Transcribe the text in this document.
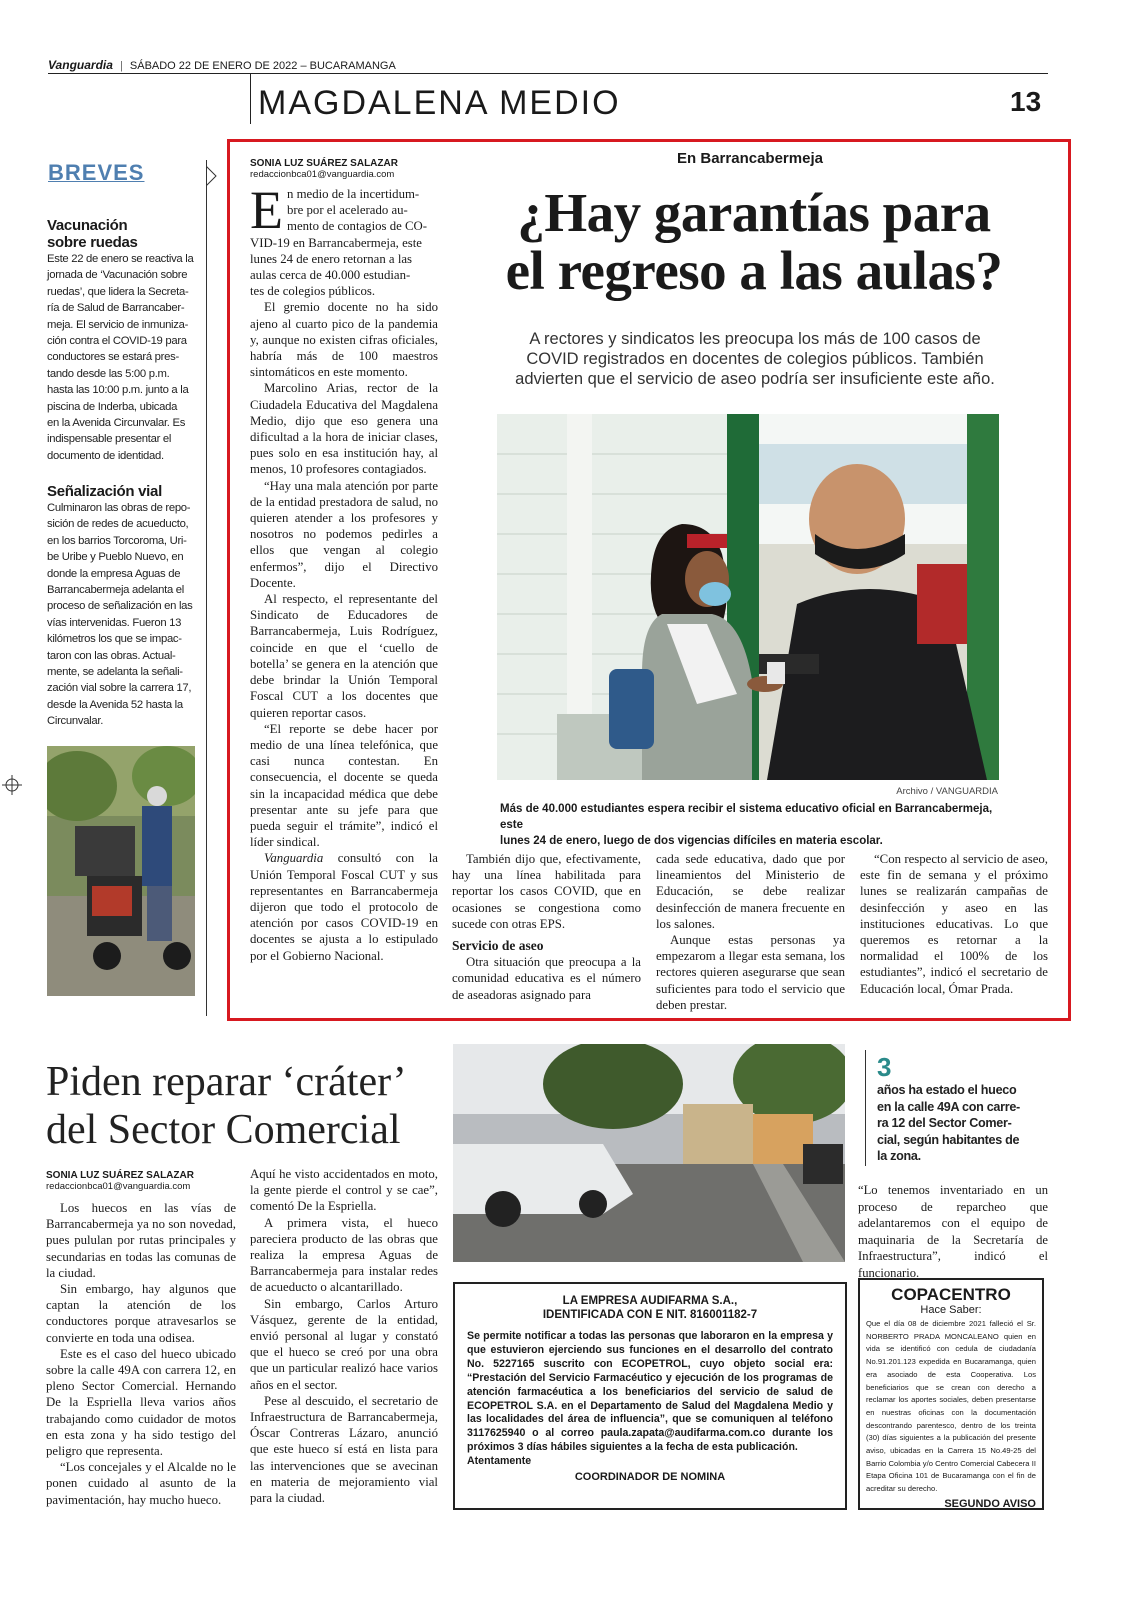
Vanguardia | SÁBADO 22 DE ENERO DE 2022 – BUCARAMANGA
MAGDALENA MEDIO	13
BREVES
Vacunación
sobre ruedas
Este 22 de enero se reactiva la
jornada de ‘Vacunación sobre
ruedas’, que lidera la Secreta-
ría de Salud de Barrancaber-
meja. El servicio de inmuniza-
ción contra el COVID-19 para
conductores se estará pres-
tando desde las 5:00 p.m.
hasta las 10:00 p.m. junto a la
piscina de Inderba, ubicada
en la Avenida Circunvalar. Es
indispensable presentar el
documento de identidad.
Señalización vial
Culminaron las obras de repo-
sición de redes de acueducto,
en los barrios Torcoroma, Uri-
be Uribe y Pueblo Nuevo, en
donde la empresa Aguas de
Barrancabermeja adelanta el
proceso de señalización en las
vías intervenidas. Fueron 13
kilómetros los que se impac-
taron con las obras. Actual-
mente, se adelanta la señali-
zación vial sobre la carrera 17,
desde la Avenida 52 hasta la
Circunvalar.
SONIA LUZ SUÁREZ SALAZAR
redaccionbca01@vanguardia.com
En Barrancabermeja
¿Hay garantías para
el regreso a las aulas?
A rectores y sindicatos les preocupa los más de 100 casos de
COVID registrados en docentes de colegios públicos. También
advierten que el servicio de aseo podría ser insuficiente este año.
Archivo / VANGUARDIA
Más de 40.000 estudiantes espera recibir el sistema educativo oficial en Barrancabermeja, este
lunes 24 de enero, luego de dos vigencias difíciles en materia escolar.
E n medio de la incertidum-
bre por el acelerado au-
mento de contagios de CO-
VID-19 en Barrancabermeja, este
lunes 24 de enero retornan a las
aulas cerca de 40.000 estudian-
tes de colegios públicos.

El gremio docente no ha sido ajeno al cuarto pico de la pandemia y, aunque no existen cifras oficiales, habría más de 100 maestros sintomáticos en este momento.

Marcolino Arias, rector de la Ciudadela Educativa del Magdalena Medio, dijo que eso genera una dificultad a la hora de iniciar clases, pues solo en esa institución hay, al menos, 10 profesores contagiados.

“Hay una mala atención por parte de la entidad prestadora de salud, no quieren atender a los profesores y nosotros no podemos pedirles a ellos que vengan al colegio enfermos”, dijo el Directivo Docente.

Al respecto, el representante del Sindicato de Educadores de Barrancabermeja, Luis Rodríguez, coincide en que el ‘cuello de botella’ se genera en la atención que debe brindar la Unión Temporal Foscal CUT a los docentes que quieren reportar casos.

“El reporte se debe hacer por medio de una línea telefónica, que casi nunca contestan. En consecuencia, el docente se queda sin la incapacidad médica que debe presentar ante su jefe para que pueda seguir el trámite”, indicó el líder sindical.

Vanguardia consultó con la Unión Temporal Foscal CUT y sus representantes en Barrancabermeja dijeron que todo el protocolo de atención por casos COVID-19 en docentes se ajusta a lo estipulado por el Gobierno Nacional.

También dijo que, efectivamente, hay una línea habilitada para reportar los casos COVID, que en ocasiones se congestiona como sucede con otras EPS.

Servicio de aseo

Otra situación que preocupa a la comunidad educativa es el número de aseadoras asignado para

cada sede educativa, dado que por lineamientos del Ministerio de Educación, se debe realizar desinfección de manera frecuente en los salones.

Aunque estas personas ya empezarom a llegar esta semana, los rectores quieren asegurarse que sean suficientes para todo el servicio que deben prestar.

“Con respecto al servicio de aseo, este fin de semana y el próximo lunes se realizarán campañas de desinfección y aseo en las instituciones educativas. Lo que queremos es retornar a la normalidad el 100% de los estudiantes”, indicó el secretario de Educación local, Ómar Prada.

Piden reparar ‘cráter’
del Sector Comercial
SONIA LUZ SUÁREZ SALAZAR
redaccionbca01@vanguardia.com

Los huecos en las vías de Barrancabermeja ya no son novedad, pues pululan por rutas principales y secundarias en todas las comunas de la ciudad.

Sin embargo, hay algunos que captan la atención de los conductores porque atravesarlos se convierte en toda una odisea.

Este es el caso del hueco ubicado sobre la calle 49A con carrera 12, en pleno Sector Comercial. Hernando De la Espriella lleva varios años trabajando como cuidador de motos en esta zona y ha sido testigo del peligro que representa.

“Los concejales y el Alcalde no le ponen cuidado al asunto de la pavimentación, hay mucho hueco.

Aquí he visto accidentados en moto, la gente pierde el control y se cae”, comentó De la Espriella.

A primera vista, el hueco pareciera producto de las obras que realiza la empresa Aguas de Barrancabermeja para instalar redes de acueducto o alcantarillado.

Sin embargo, Carlos Arturo Vásquez, gerente de la entidad, envió personal al lugar y constató que el hueco se creó por una obra que un particular realizó hace varios años en el sector.

Pese al descuido, el secretario de Infraestructura de Barrancabermeja, Óscar Contreras Lázaro, anunció que este hueco sí está en lista para las intervenciones que se avecinan en materia de mejoramiento vial para la ciudad.

3
años ha estado el hueco
en la calle 49A con carre-
ra 12 del Sector Comer-
cial, según habitantes de
la zona.
“Lo tenemos inventariado en un proceso de reparcheo que adelantaremos con el equipo de maquinaria de la Secretaría de Infraestructura”, indicó el funcionario.
LA EMPRESA AUDIFARMA S.A.,
IDENTIFICADA CON E NIT. 816001182-7
Se permite notificar a todas las personas que laboraron en la empresa y que estuvieron ejerciendo sus funciones en el desarrollo del contrato No. 5227165 suscrito con ECOPETROL, cuyo objeto social era: “Prestación del Servicio Farmacéutico y ejecución de los programas de atención farmacéutica a los beneficiarios del servicio de salud de ECOPETROL S.A. en el Departamento de Salud del Magdalena Medio y las localidades del área de influencia”, que se comuniquen al teléfono 3117625940 o al correo paula.zapata@audifarma.com.co durante los próximos 3 días hábiles siguientes a la fecha de esta publicación.
Atentamente
COORDINADOR DE NOMINA
COPACENTRO
Hace Saber:
Que el día 08 de diciembre 2021 falleció el Sr. NORBERTO PRADA MONCALEANO quien en vida se identificó con cedula de ciudadanía No.91.201.123 expedida en Bucaramanga, quien era asociado de esta Cooperativa. Los beneficiarios que se crean con derecho a reclamar los aportes sociales, deben presentarse en nuestras oficinas con la documentación descontrando parentesco, dentro de los treinta (30) días siguientes a la publicación del presente aviso, ubicadas en la Carrera 15 No.49-25 del Barrio Colombia y/o Centro Comercial Cabecera II Etapa Oficina 101 de Bucaramanga con el fin de acreditar su derecho.
SEGUNDO AVISO
